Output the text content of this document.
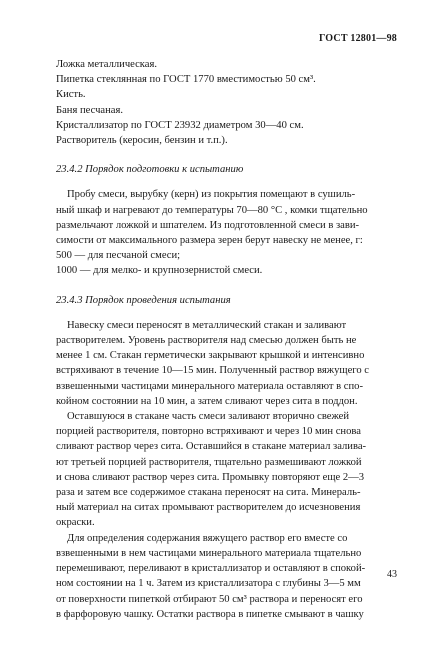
ГОСТ 12801—98
Ложка металлическая.
Пипетка стеклянная по ГОСТ 1770 вместимостью 50 см³.
Кисть.
Баня песчаная.
Кристаллизатор по ГОСТ 23932 диаметром 30—40 см.
Растворитель (керосин, бензин и т.п.).
23.4.2 Порядок подготовки к испытанию
Пробу смеси, вырубку (керн) из покрытия помещают в сушиль-
ный шкаф и нагревают до температуры 70—80 °С , комки тщательно
размельчают ложкой и шпателем. Из подготовленной смеси в зави-
симости от максимального размера зерен берут навеску не менее, г:
500 — для песчаной смеси;
1000 — для мелко- и крупнозернистой смеси.
23.4.3 Порядок проведения испытания
Навеску смеси переносят в металлический стакан и заливают
растворителем. Уровень растворителя над смесью должен быть не
менее 1 см. Стакан герметически закрывают крышкой и интенсивно
встряхивают в течение 10—15 мин. Полученный раствор вяжущего с
взвешенными частицами минерального материала оставляют в спо-
койном состоянии на 10 мин, а затем сливают через сита в поддон.
Оставшуюся в стакане часть смеси заливают вторично свежей
порцией растворителя, повторно встряхивают и через 10 мин снова
сливают раствор через сита. Оставшийся в стакане материал залива-
ют третьей порцией растворителя, тщательно размешивают ложкой
и снова сливают раствор через сита. Промывку повторяют еще 2—3
раза и затем все содержимое стакана переносят на сита. Минераль-
ный материал на ситах промывают растворителем до исчезновения
окраски.
Для определения содержания вяжущего раствор его вместе со
взвешенными в нем частицами минерального материала тщательно
перемешивают, переливают в кристаллизатор и оставляют в спокой-
ном состоянии на 1 ч. Затем из кристаллизатора с глубины 3—5 мм
от поверхности пипеткой отбирают 50 см³ раствора и переносят его
в фарфоровую чашку. Остатки раствора в пипетке смывают в чашку
43
